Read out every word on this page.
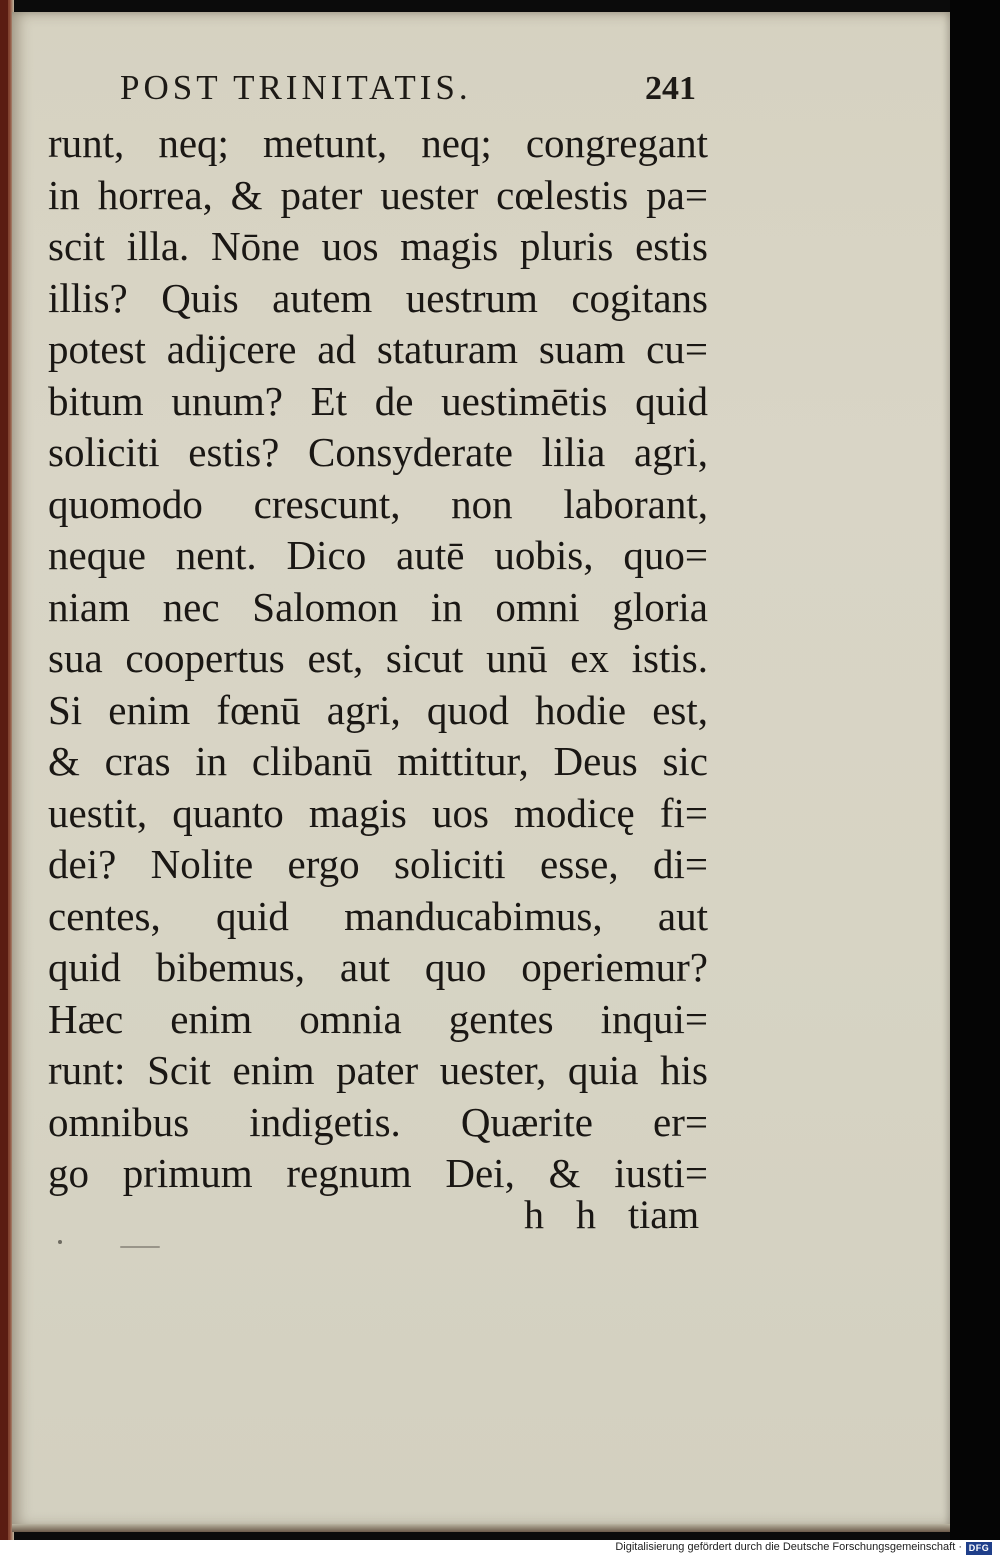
POST TRINITATIS.	241
runt, neq; metunt, neq; congregant
in horrea, & pater uester cœlestis pa=
scit illa. Nōne uos magis pluris estis
illis? Quis autem uestrum cogitans
potest adijcere ad staturam suam cu=
bitum unum? Et de uestimētis quid
soliciti estis? Consyderate lilia agri,
quomodo crescunt, non laborant,
neque nent. Dico autē uobis, quo=
niam nec Salomon in omni gloria
sua coopertus est, sicut unū ex istis.
Si enim fœnū agri, quod hodie est,
& cras in clibanū mittitur, Deus sic
uestit, quanto magis uos modicę fi=
dei? Nolite ergo soliciti esse, di=
centes, quid manducabimus, aut
quid bibemus, aut quo operiemur?
Hæc enim omnia gentes inqui=
runt: Scit enim pater uester, quia his
omnibus indigetis. Quærite er=
go primum regnum Dei, & iusti=
h h tiam
Digitalisierung gefördert durch die Deutsche Forschungsgemeinschaft · DFG
